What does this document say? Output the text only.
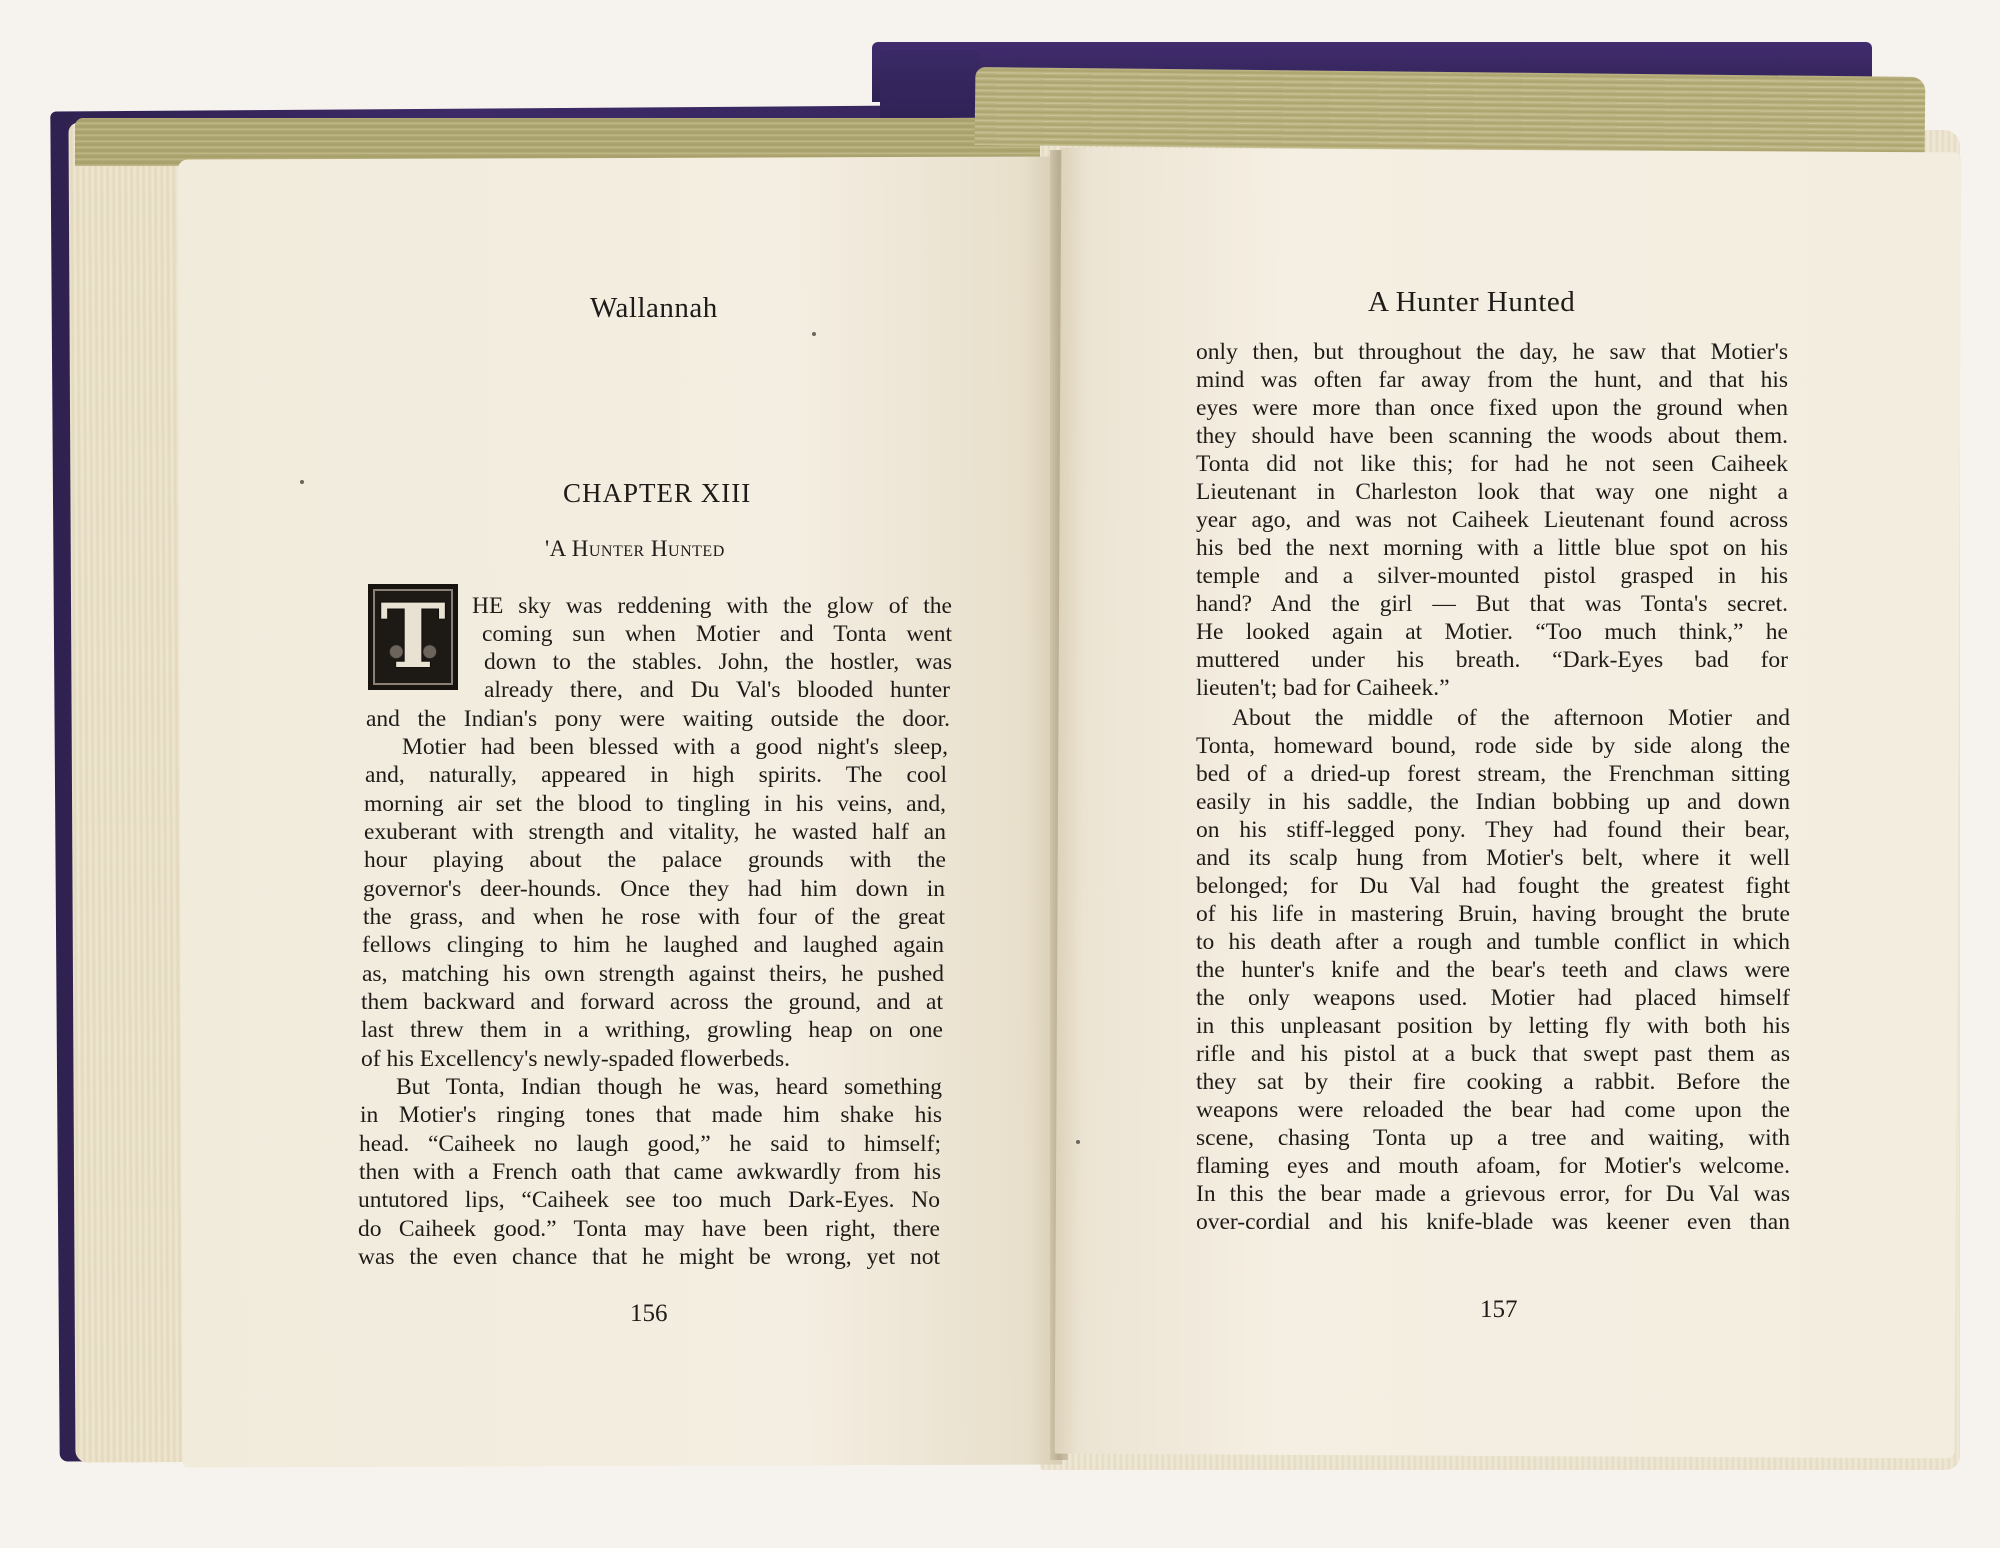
Wallannah
CHAPTER XIII
'A Hunter Hunted
T	HE sky was reddening with the glow of the
coming sun when Motier and Tonta went
down to the stables. John, the hostler, was
already there, and Du Val's blooded hunter
and the Indian's pony were waiting outside the door.
Motier had been blessed with a good night's sleep,
and, naturally, appeared in high spirits. The cool
morning air set the blood to tingling in his veins, and,
exuberant with strength and vitality, he wasted half an
hour playing about the palace grounds with the
governor's deer-hounds. Once they had him down in
the grass, and when he rose with four of the great
fellows clinging to him he laughed and laughed again
as, matching his own strength against theirs, he pushed
them backward and forward across the ground, and at
last threw them in a writhing, growling heap on one
of his Excellency's newly-spaded flowerbeds.
But Tonta, Indian though he was, heard something
in Motier's ringing tones that made him shake his
head. “Caiheek no laugh good,” he said to himself;
then with a French oath that came awkwardly from his
untutored lips, “Caiheek see too much Dark-Eyes. No
do Caiheek good.” Tonta may have been right, there
was the even chance that he might be wrong, yet not
156
A Hunter Hunted
only then, but throughout the day, he saw that Motier's
mind was often far away from the hunt, and that his
eyes were more than once fixed upon the ground when
they should have been scanning the woods about them.
Tonta did not like this; for had he not seen Caiheek
Lieutenant in Charleston look that way one night a
year ago, and was not Caiheek Lieutenant found across
his bed the next morning with a little blue spot on his
temple and a silver-mounted pistol grasped in his
hand? And the girl — But that was Tonta's secret.
He looked again at Motier. “Too much think,” he
muttered under his breath. “Dark-Eyes bad for
lieuten't; bad for Caiheek.”
About the middle of the afternoon Motier and
Tonta, homeward bound, rode side by side along the
bed of a dried-up forest stream, the Frenchman sitting
easily in his saddle, the Indian bobbing up and down
on his stiff-legged pony. They had found their bear,
and its scalp hung from Motier's belt, where it well
belonged; for Du Val had fought the greatest fight
of his life in mastering Bruin, having brought the brute
to his death after a rough and tumble conflict in which
the hunter's knife and the bear's teeth and claws were
the only weapons used. Motier had placed himself
in this unpleasant position by letting fly with both his
rifle and his pistol at a buck that swept past them as
they sat by their fire cooking a rabbit. Before the
weapons were reloaded the bear had come upon the
scene, chasing Tonta up a tree and waiting, with
flaming eyes and mouth afoam, for Motier's welcome.
In this the bear made a grievous error, for Du Val was
over-cordial and his knife-blade was keener even than
157
